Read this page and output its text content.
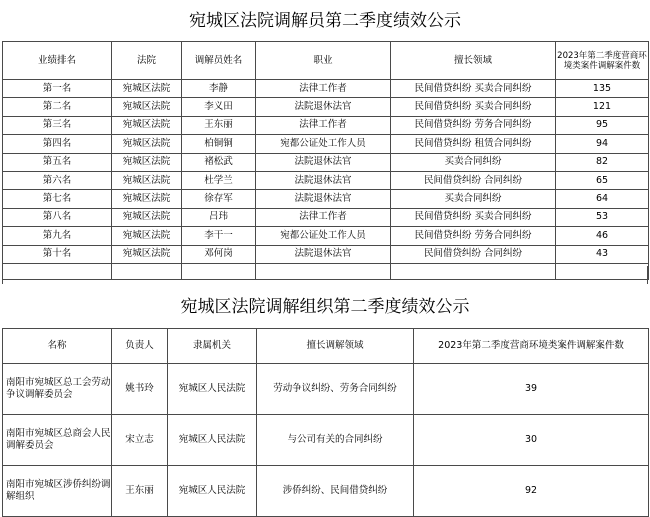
宛城区法院调解员第二季度绩效公示
业绩排名	法院	调解员姓名	职业	擅长领域	2023年第二季度营商环境类案件调解案件数
第一名	宛城区法院	李静	法律工作者	民间借贷纠纷 买卖合同纠纷	135
第二名	宛城区法院	李义田	法院退休法官	民间借贷纠纷 买卖合同纠纷	121
第三名	宛城区法院	王东丽	法律工作者	民间借贷纠纷 劳务合同纠纷	95
第四名	宛城区法院	柏铜铜	宛都公证处工作人员	民间借贷纠纷 租赁合同纠纷	94
第五名	宛城区法院	褚松武	法院退休法官	买卖合同纠纷	82
第六名	宛城区法院	杜学兰	法院退休法官	民间借贷纠纷 合同纠纷	65
第七名	宛城区法院	徐存军	法院退休法官	买卖合同纠纷	64
第八名	宛城区法院	吕玮	法律工作者	民间借贷纠纷 买卖合同纠纷	53
第九名	宛城区法院	李干一	宛都公证处工作人员	民间借贷纠纷 劳务合同纠纷	46
第十名	宛城区法院	邓何岗	法院退休法官	民间借贷纠纷 合同纠纷	43

宛城区法院调解组织第二季度绩效公示
名称	负责人	隶属机关	擅长调解领域	2023年第二季度营商环境类案件调解案件数
南阳市宛城区总工会劳动争议调解委员会	姚书玲	宛城区人民法院	劳动争议纠纷、劳务合同纠纷	39
南阳市宛城区总商会人民调解委员会	宋立志	宛城区人民法院	与公司有关的合同纠纷	30
南阳市宛城区涉侨纠纷调解组织	王东丽	宛城区人民法院	涉侨纠纷、民间借贷纠纷	92
